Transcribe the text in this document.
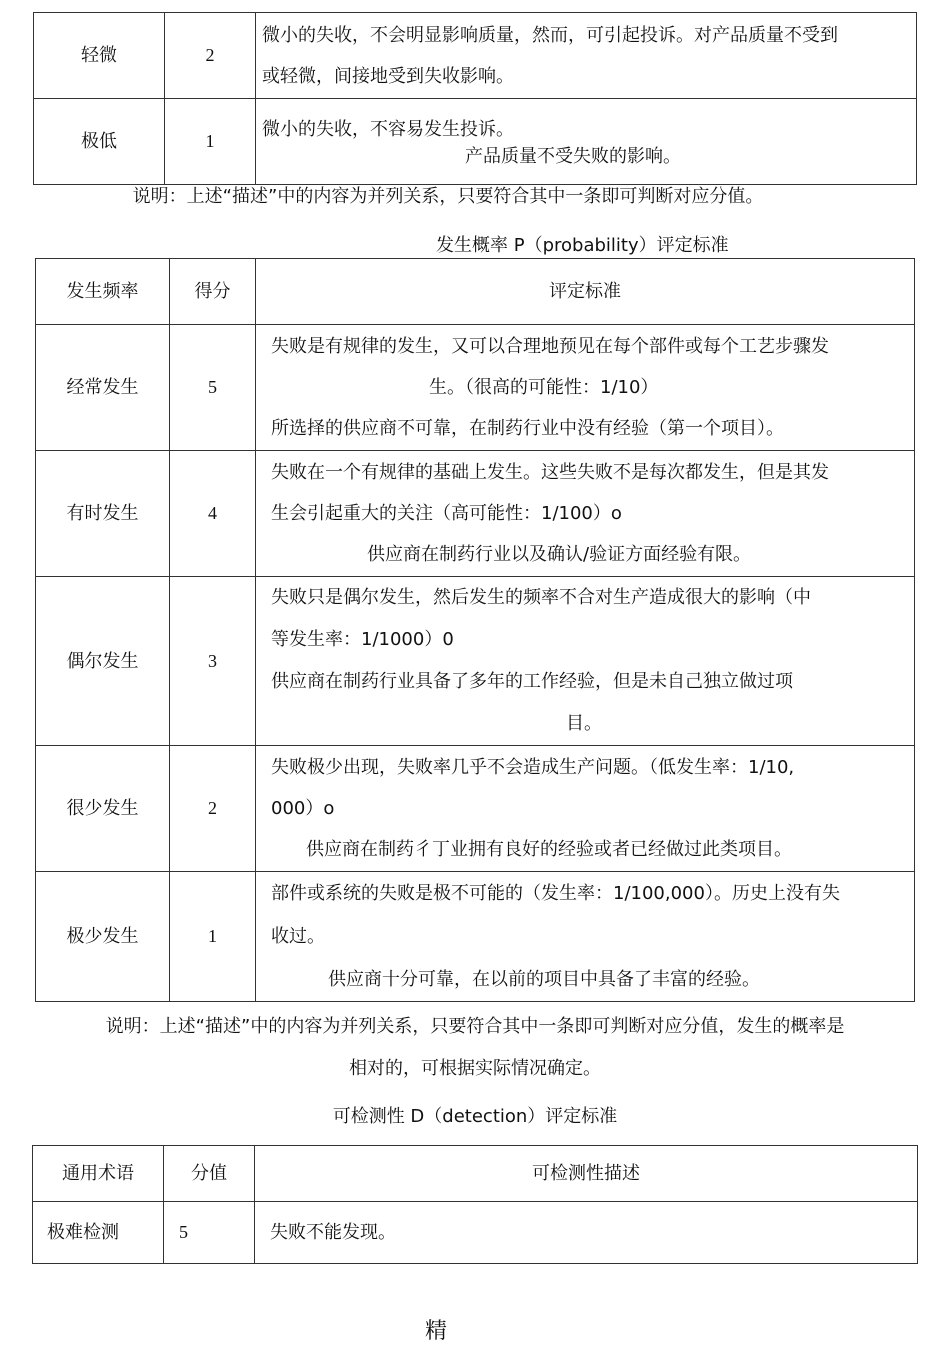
轻微	2	微小的失收，不会明显影响质量，然而，可引起投诉。对产品质量不受到

或轻微，间接地受到失收影响。

极低	1	微小的失收，不容易发生投诉。

产品质量不受失败的影响。

说明：上述“描述”中的内容为并列关系，只要符合其中一条即可判断对应分值。
发生概率 P（probability）评定标准
发生频率	得分	评定标准
经常发生	5	失败是有规律的发生，又可以合理地预见在每个部件或每个工艺步骤发

生。（很高的可能性：1/10）

所选择的供应商不可靠，在制药行业中没有经验（第一个项目）。

有时发生	4	失败在一个有规律的基础上发生。这些失败不是每次都发生，但是其发

生会引起重大的关注（高可能性：1/100）o

供应商在制药行业以及确认/验证方面经验有限。

偶尔发生	3	失败只是偶尔发生，然后发生的频率不合对生产造成很大的影响（中

等发生率：1/1000）0

供应商在制药行业具备了多年的工作经验，但是未自己独立做过项

目。

很少发生	2	失败极少出现，失败率几乎不会造成生产问题。（低发生率：1/10,

000）o

供应商在制药彳丁业拥有良好的经验或者已经做过此类项目。

极少发生	1	部件或系统的失败是极不可能的（发生率：1/100,000）。历史上没有失

收过。

供应商十分可靠，在以前的项目中具备了丰富的经验。

说明：上述“描述”中的内容为并列关系，只要符合其中一条即可判断对应分值，发生的概率是
相对的，可根据实际情况确定。
可检测性 D（detection）评定标准
通用术语	分值	可检测性描述
极难检测	5	失败不能发现。
精
